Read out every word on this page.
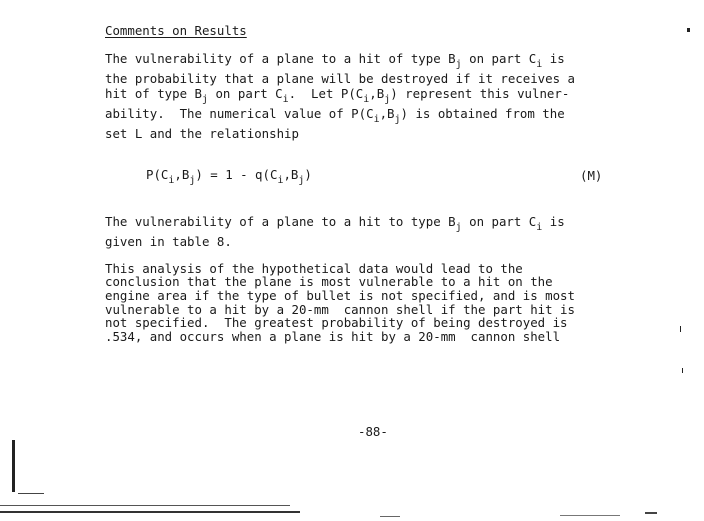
Comments on Results
The vulnerability of a plane to a hit of type $B_j$ on part $C_i$ is
the probability that a plane will be destroyed if it receives a
hit of type $B_j$ on part $C_i$.  Let $P(C_i,B_j)$ represent this vulner-
ability.  The numerical value of $P(C_i,B_j)$ is obtained from the
set L and the relationship
$P(C_i,B_j) = 1 - q(C_i,B_j)$	(M)
The vulnerability of a plane to a hit to type $B_j$ on part $C_i$ is
given in table 8.
This analysis of the hypothetical data would lead to the
conclusion that the plane is most vulnerable to a hit on the
engine area if the type of bullet is not specified, and is most
vulnerable to a hit by a 20-mm  cannon shell if the part hit is
not specified.  The greatest probability of being destroyed is
.534, and occurs when a plane is hit by a 20-mm  cannon shell
-88-
